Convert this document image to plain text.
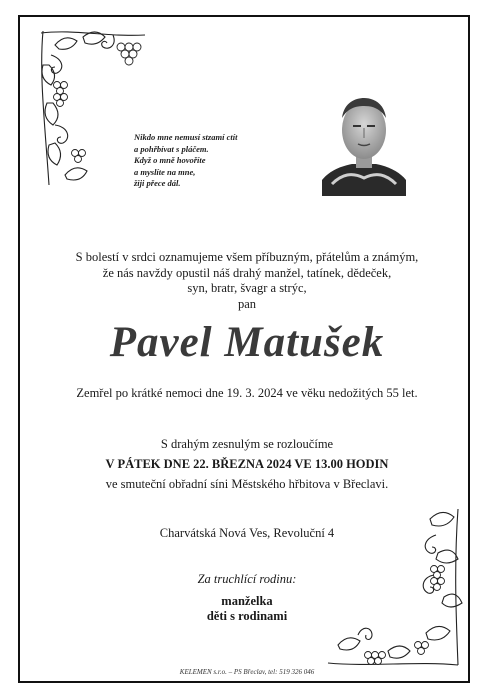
Nikdo mne nemusí stzamí ctít
a pohřbívat s pláčem.
Když o mně hovoříte
a myslíte na mne,
žiji přece dál.
S bolestí v srdci oznamujeme všem příbuzným, přátelům a známým,
že nás navždy opustil náš drahý manžel, tatínek, dědeček,
syn, bratr, švagr a strýc,
pan
Pavel Matušek
Zemřel po krátké nemoci dne 19. 3. 2024 ve věku nedožitých 55 let.
S drahým zesnulým se rozloučíme
V PÁTEK DNE 22. BŘEZNA 2024 VE 13.00 HODIN
ve smuteční obřadní síni Městského hřbitova v Břeclavi.
Charvátská Nová Ves, Revoluční 4
Za truchlící rodinu:
manželka
děti s rodinami
KELEMEN s.r.o. – PS Břeclav, tel: 519 326 046
